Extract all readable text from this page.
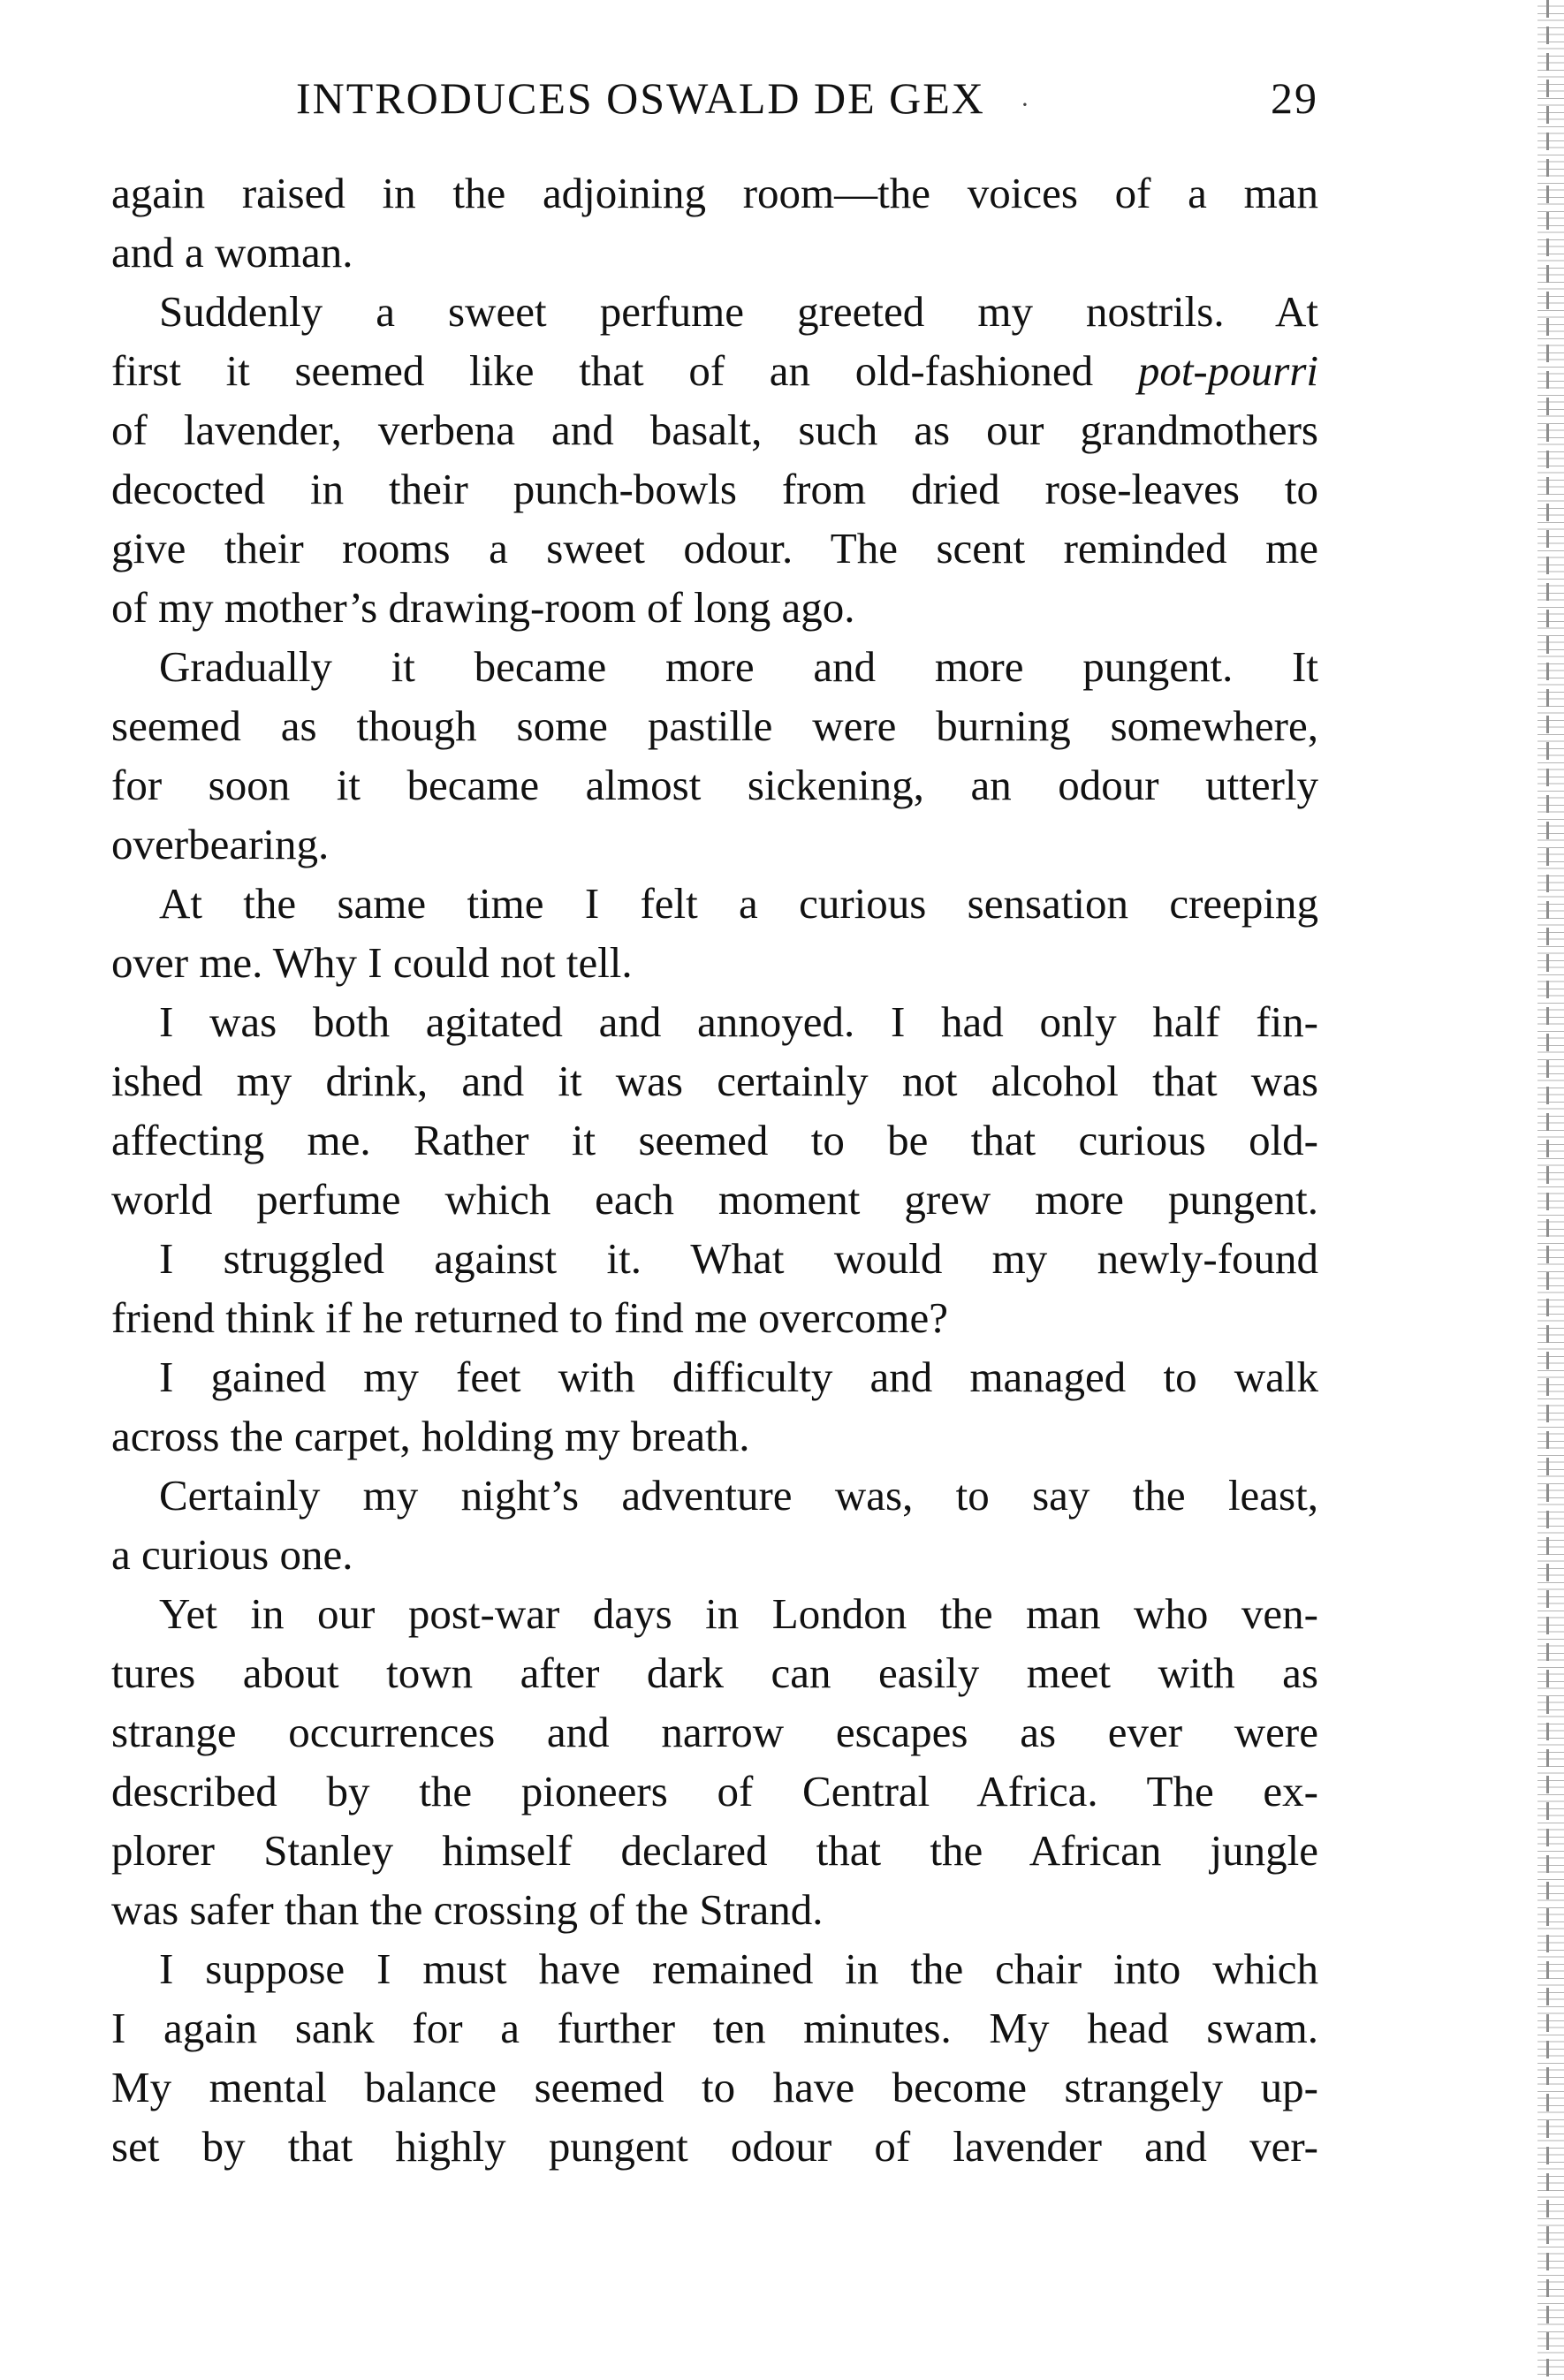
INTRODUCES OSWALD DE GEX ·	29
again raised in the adjoining room—the voices of a man
and a woman.
Suddenly a sweet perfume greeted my nostrils. At
first it seemed like that of an old-fashioned pot-pourri
of lavender, verbena and basalt, such as our grandmothers
decocted in their punch-bowls from dried rose-leaves to
give their rooms a sweet odour. The scent reminded me
of my mother’s drawing-room of long ago.
Gradually it became more and more pungent. It
seemed as though some pastille were burning somewhere,
for soon it became almost sickening, an odour utterly
overbearing.
At the same time I felt a curious sensation creeping
over me. Why I could not tell.
I was both agitated and annoyed. I had only half fin-
ished my drink, and it was certainly not alcohol that was
affecting me. Rather it seemed to be that curious old-
world perfume which each moment grew more pungent.
I struggled against it. What would my newly-found
friend think if he returned to find me overcome?
I gained my feet with difficulty and managed to walk
across the carpet, holding my breath.
Certainly my night’s adventure was, to say the least,
a curious one.
Yet in our post-war days in London the man who ven-
tures about town after dark can easily meet with as
strange occurrences and narrow escapes as ever were
described by the pioneers of Central Africa. The ex-
plorer Stanley himself declared that the African jungle
was safer than the crossing of the Strand.
I suppose I must have remained in the chair into which
I again sank for a further ten minutes. My head swam.
My mental balance seemed to have become strangely up-
set by that highly pungent odour of lavender and ver-
